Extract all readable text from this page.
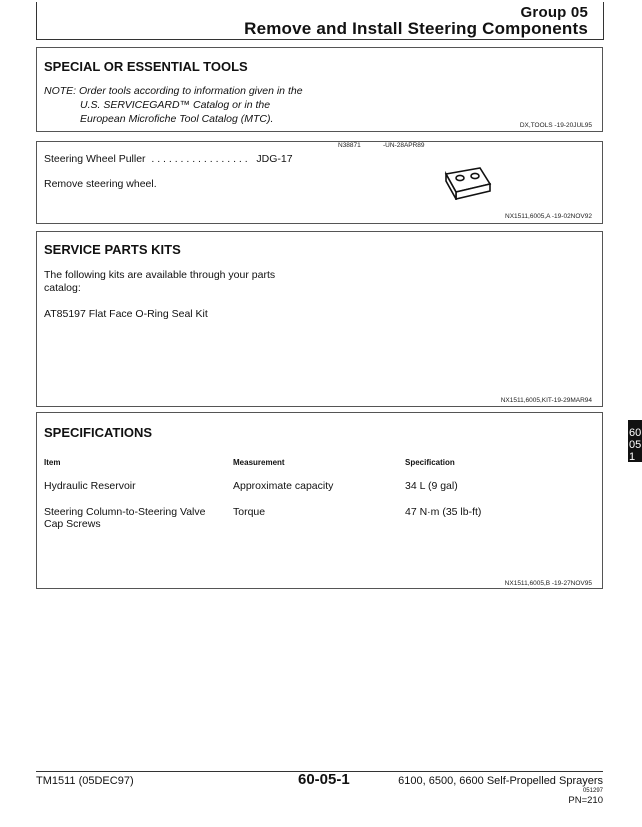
Group 05
Remove and Install Steering Components
SPECIAL OR ESSENTIAL TOOLS
NOTE: Order tools according to information given in the
U.S. SERVICEGARD™ Catalog or in the
European Microfiche Tool Catalog (MTC).
DX,TOOLS -19-20JUL95
N38871	-UN-28APR89
Steering Wheel Puller  . . . . . . . . . . . . . . . . .   JDG-17
Remove steering wheel.
NX1511,6005,A -19-02NOV92
SERVICE PARTS KITS
The following kits are available through your parts
catalog:
AT85197 Flat Face O-Ring Seal Kit
NX1511,6005,KIT-19-29MAR94
SPECIFICATIONS
Item	Measurement	Specification
Hydraulic Reservoir	Approximate capacity	34 L (9 gal)
Steering Column-to-Steering Valve
Cap Screws
Torque	47 N·m (35 lb-ft)
NX1511,6005,B -19-27NOV95
60
05
1
TM1511 (05DEC97)	60-05-1	6100, 6500, 6600 Self-Propelled Sprayers
051297
PN=210
